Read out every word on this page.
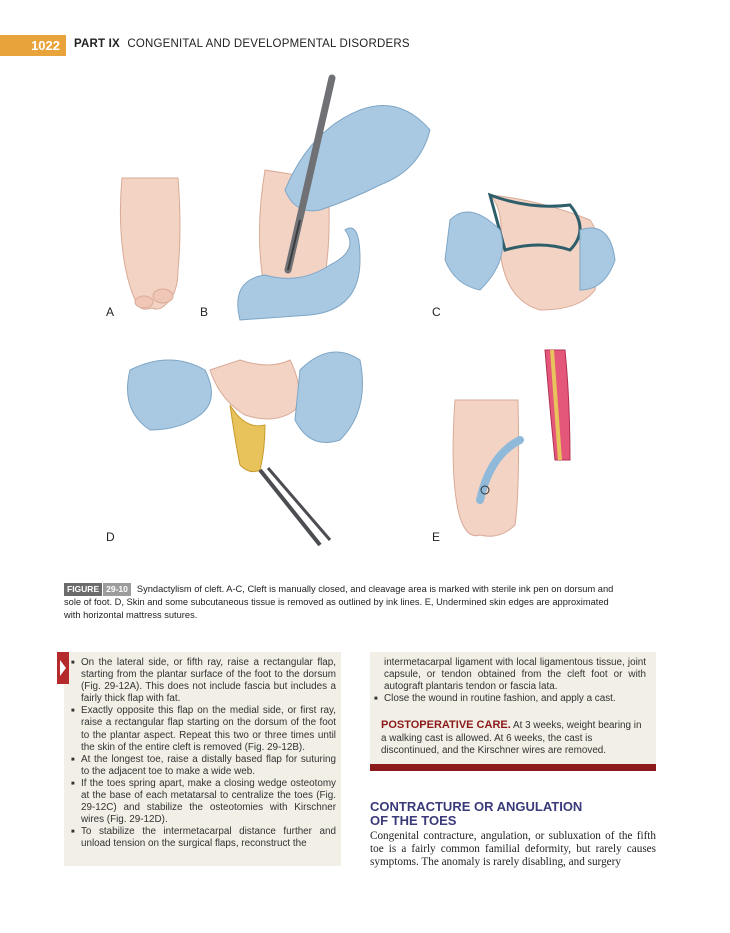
1022	PART IX CONGENITAL AND DEVELOPMENTAL DISORDERS
A	B	C
D	E
FIGURE 29-10 Syndactylism of cleft. A-C, Cleft is manually closed, and cleavage area is marked with sterile ink pen on dorsum and
sole of foot. D, Skin and some subcutaneous tissue is removed as outlined by ink lines. E, Undermined skin edges are approximated
with horizontal mattress sutures.
■ On the lateral side, or fifth ray, raise a rectangular flap, starting from the plantar surface of the foot to the dorsum (Fig. 29-12A). This does not include fascia but includes a fairly thick flap with fat.
■ Exactly opposite this flap on the medial side, or first ray, raise a rectangular flap starting on the dorsum of the foot to the plantar aspect. Repeat this two or three times until the skin of the entire cleft is removed (Fig. 29-12B).
■ At the longest toe, raise a distally based flap for suturing to the adjacent toe to make a wide web.
■ If the toes spring apart, make a closing wedge osteotomy at the base of each metatarsal to centralize the toes (Fig. 29-12C) and stabilize the osteotomies with Kirschner wires (Fig. 29-12D).
■ To stabilize the intermetacarpal distance further and unload tension on the surgical flaps, reconstruct the
intermetacarpal ligament with local ligamentous tissue, joint capsule, or tendon obtained from the cleft foot or with autograft plantaris tendon or fascia lata.
■ Close the wound in routine fashion, and apply a cast.
POSTOPERATIVE CARE. At 3 weeks, weight bearing in a walking cast is allowed. At 6 weeks, the cast is discontinued, and the Kirschner wires are removed.
CONTRACTURE OR ANGULATION
OF THE TOES
Congenital contracture, angulation, or subluxation of the fifth toe is a fairly common familial deformity, but rarely causes symptoms. The anomaly is rarely disabling, and surgery
